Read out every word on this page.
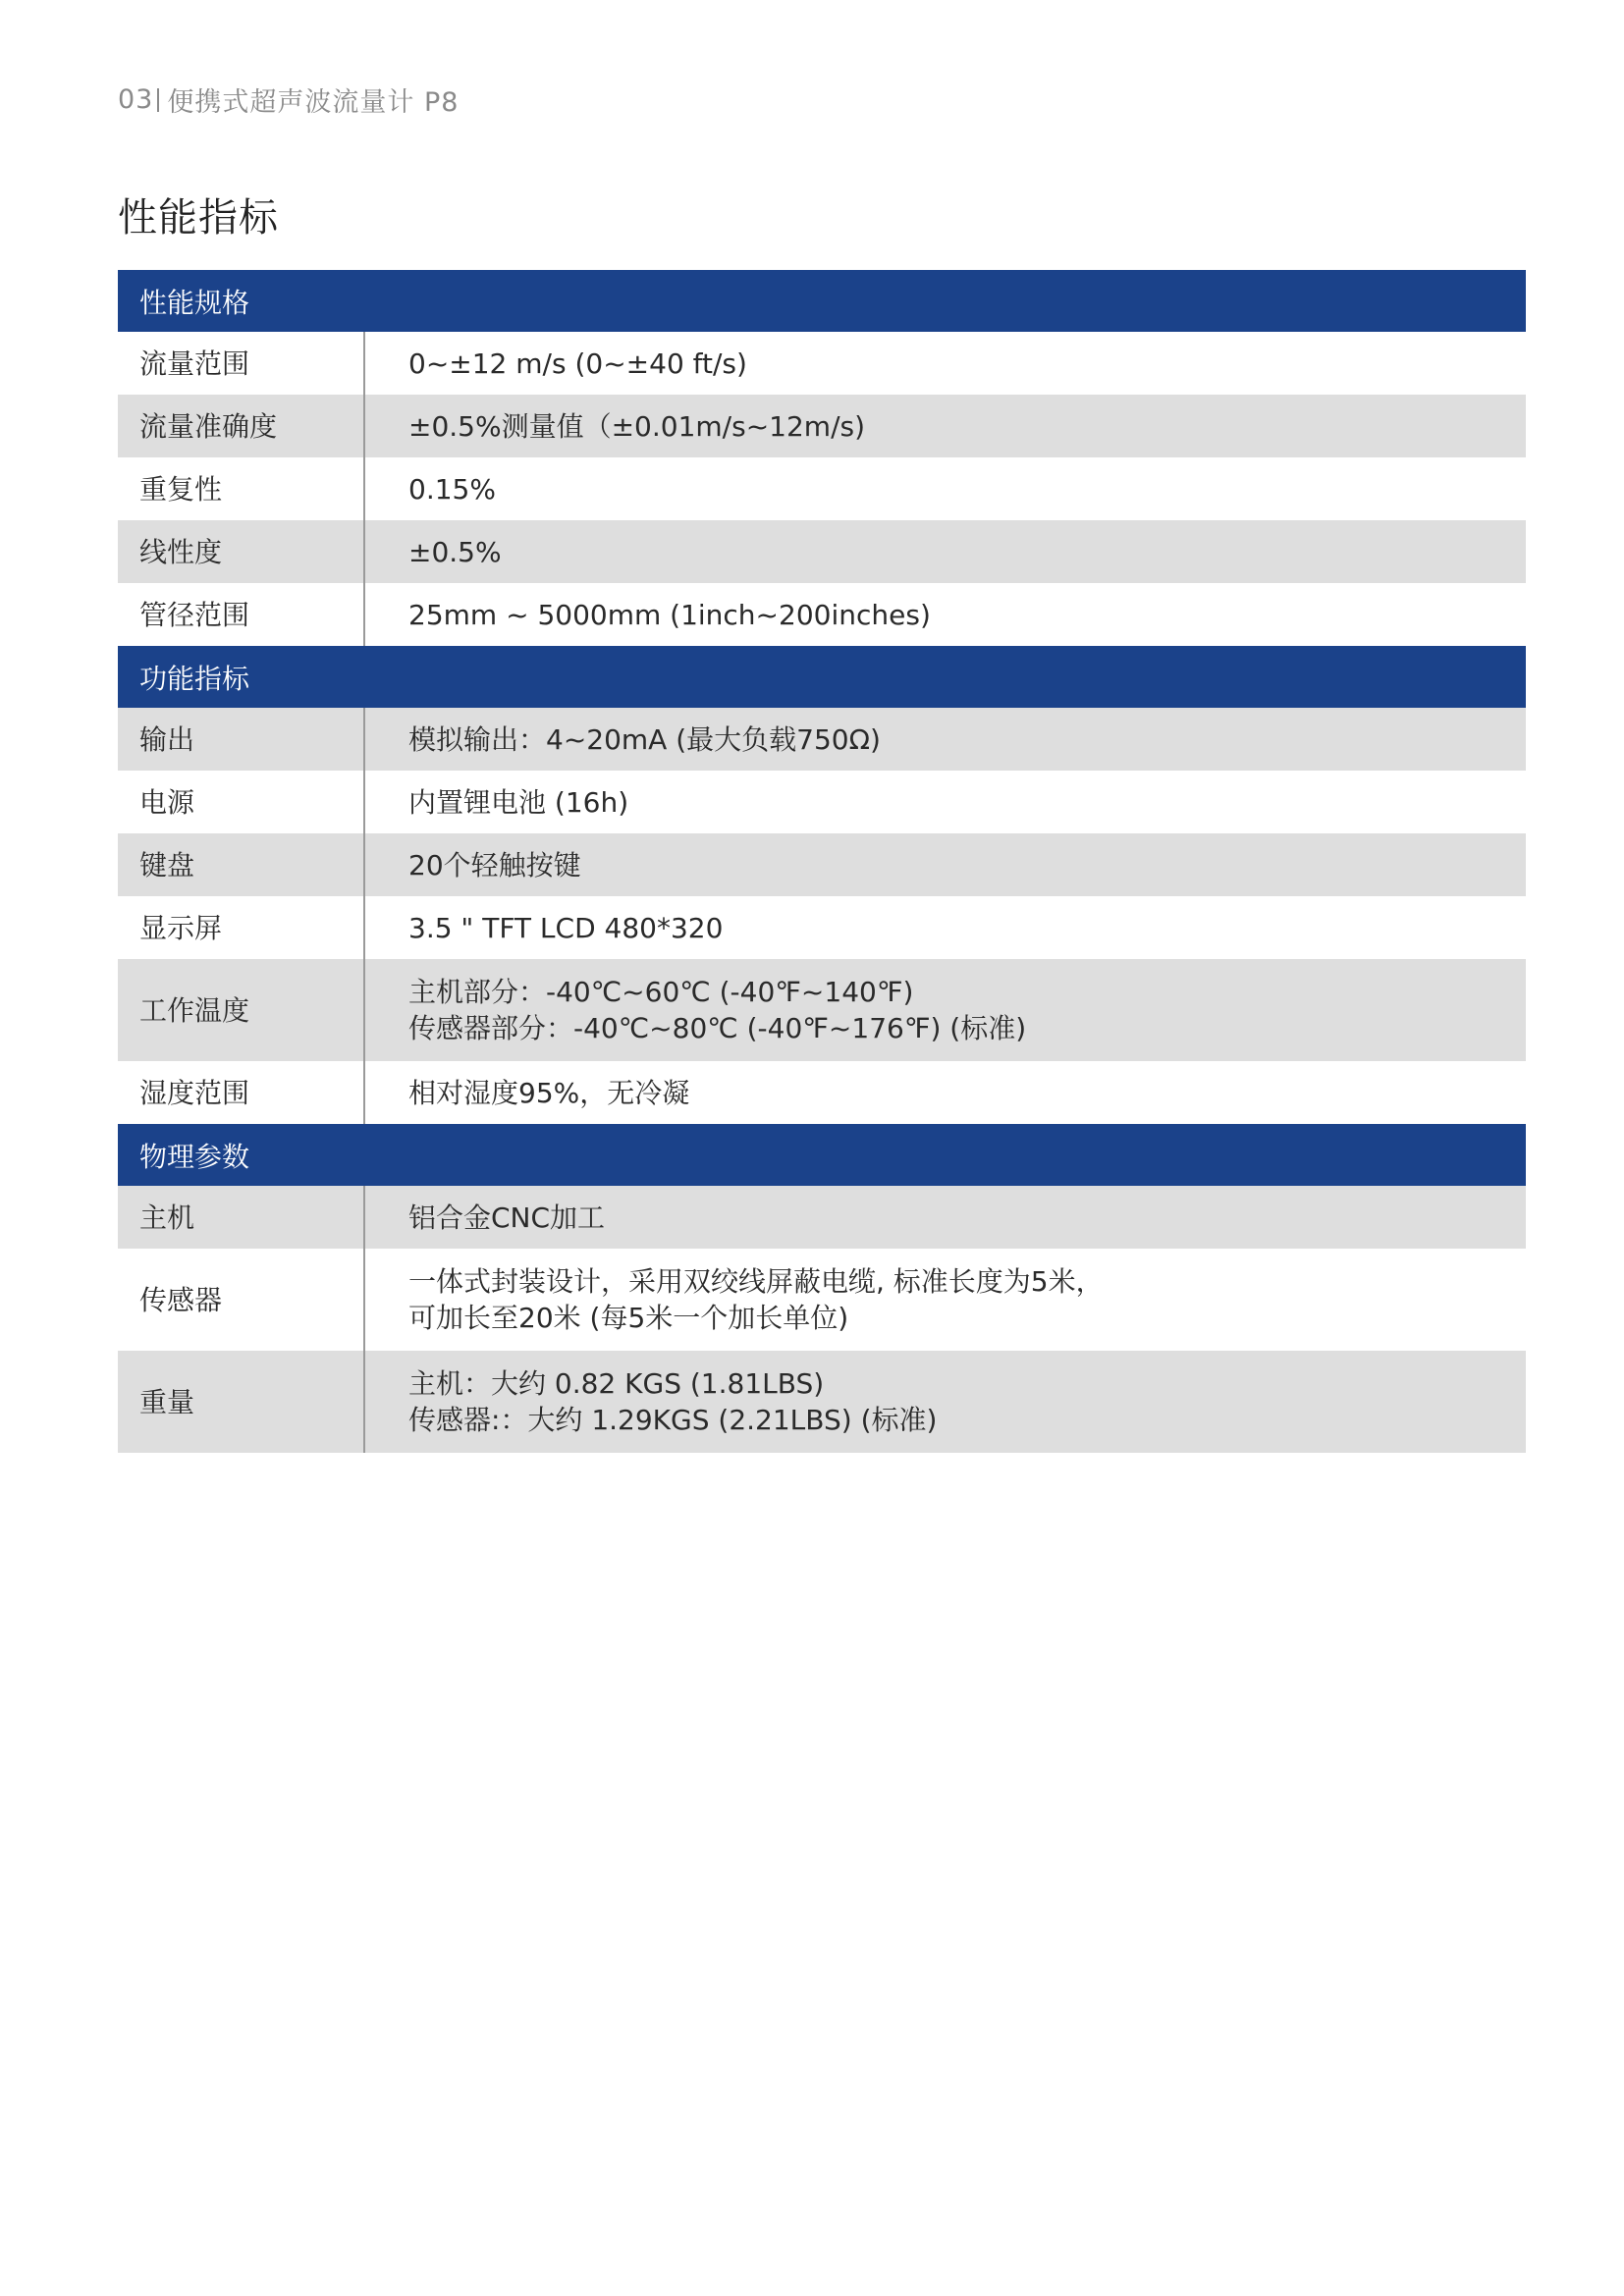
03 便携式超声波流量计 P8
性能指标
性能规格	
流量范围	0~±12 m/s (0~±40 ft/s)

流量准确度	±0.5%测量值（±0.01m/s~12m/s)

重复性	0.15%

线性度	±0.5%

管径范围	25mm ~ 5000mm (1inch~200inches)

功能指标	
输出	模拟输出：4~20mA (最大负载750Ω)

电源	内置锂电池 (16h)

键盘	20个轻触按键

显示屏	3.5 " TFT LCD 480*320

工作温度	主机部分：-40℃~60℃ (-40℉~140℉)
传感器部分：-40℃~80℃ (-40℉~176℉) (标准)

湿度范围	相对湿度95%，无冷凝

物理参数	
主机	铝合金CNC加工

传感器	一体式封装设计，采用双绞线屏蔽电缆, 标准长度为5米，
可加长至20米 (每5米一个加长单位)

重量	主机：大约 0.82 KGS (1.81LBS)
传感器:：大约 1.29KGS (2.21LBS) (标准)
